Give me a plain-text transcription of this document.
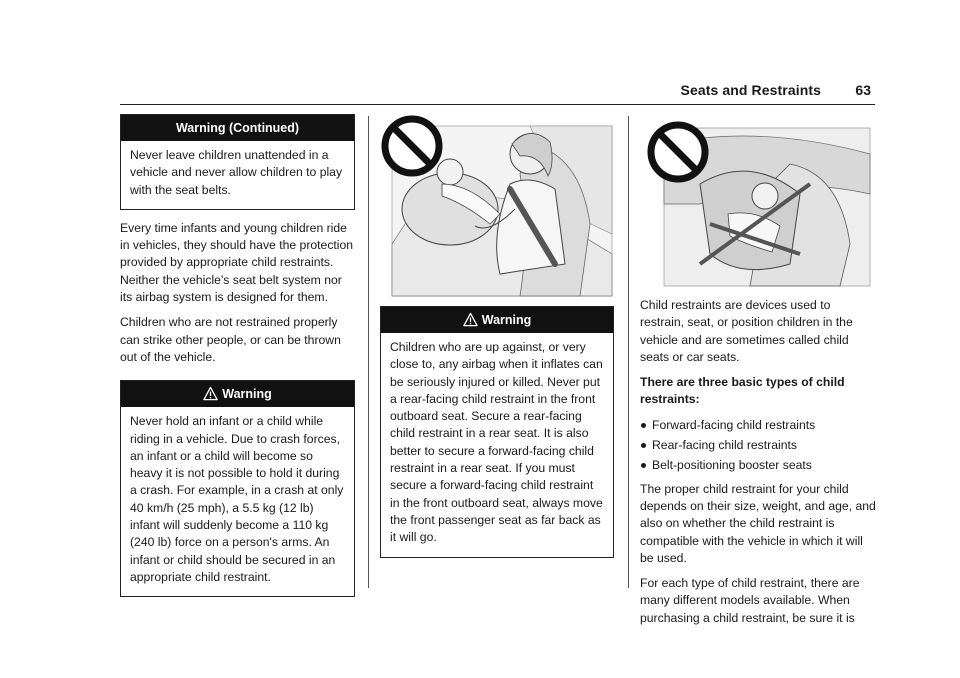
Seats and Restraints 63
Warning (Continued)
Never leave children unattended in a vehicle and never allow children to play with the seat belts.

Every time infants and young children ride in vehicles, they should have the protection provided by appropriate child restraints. Neither the vehicle's seat belt system nor its airbag system is designed for them.

Children who are not restrained properly can strike other people, or can be thrown out of the vehicle.

Warning
Never hold an infant or a child while riding in a vehicle. Due to crash forces, an infant or a child will become so heavy it is not possible to hold it during a crash. For example, in a crash at only 40 km/h (25 mph), a 5.5 kg (12 lb) infant will suddenly become a 110 kg (240 lb) force on a person's arms. An infant or child should be secured in an appropriate child restraint.
Warning
Children who are up against, or very close to, any airbag when it inflates can be seriously injured or killed. Never put a rear-facing child restraint in the front outboard seat. Secure a rear-facing child restraint in a rear seat. It is also better to secure a forward-facing child restraint in a rear seat. If you must secure a forward-facing child restraint in the front outboard seat, always move the front passenger seat as far back as it will go.

Child restraints are devices used to restrain, seat, or position children in the vehicle and are sometimes called child seats or car seats.

There are three basic types of child restraints:

Forward-facing child restraints
Rear-facing child restraints
Belt-positioning booster seats

The proper child restraint for your child depends on their size, weight, and age, and also on whether the child restraint is compatible with the vehicle in which it will be used.

For each type of child restraint, there are many different models available. When purchasing a child restraint, be sure it is
